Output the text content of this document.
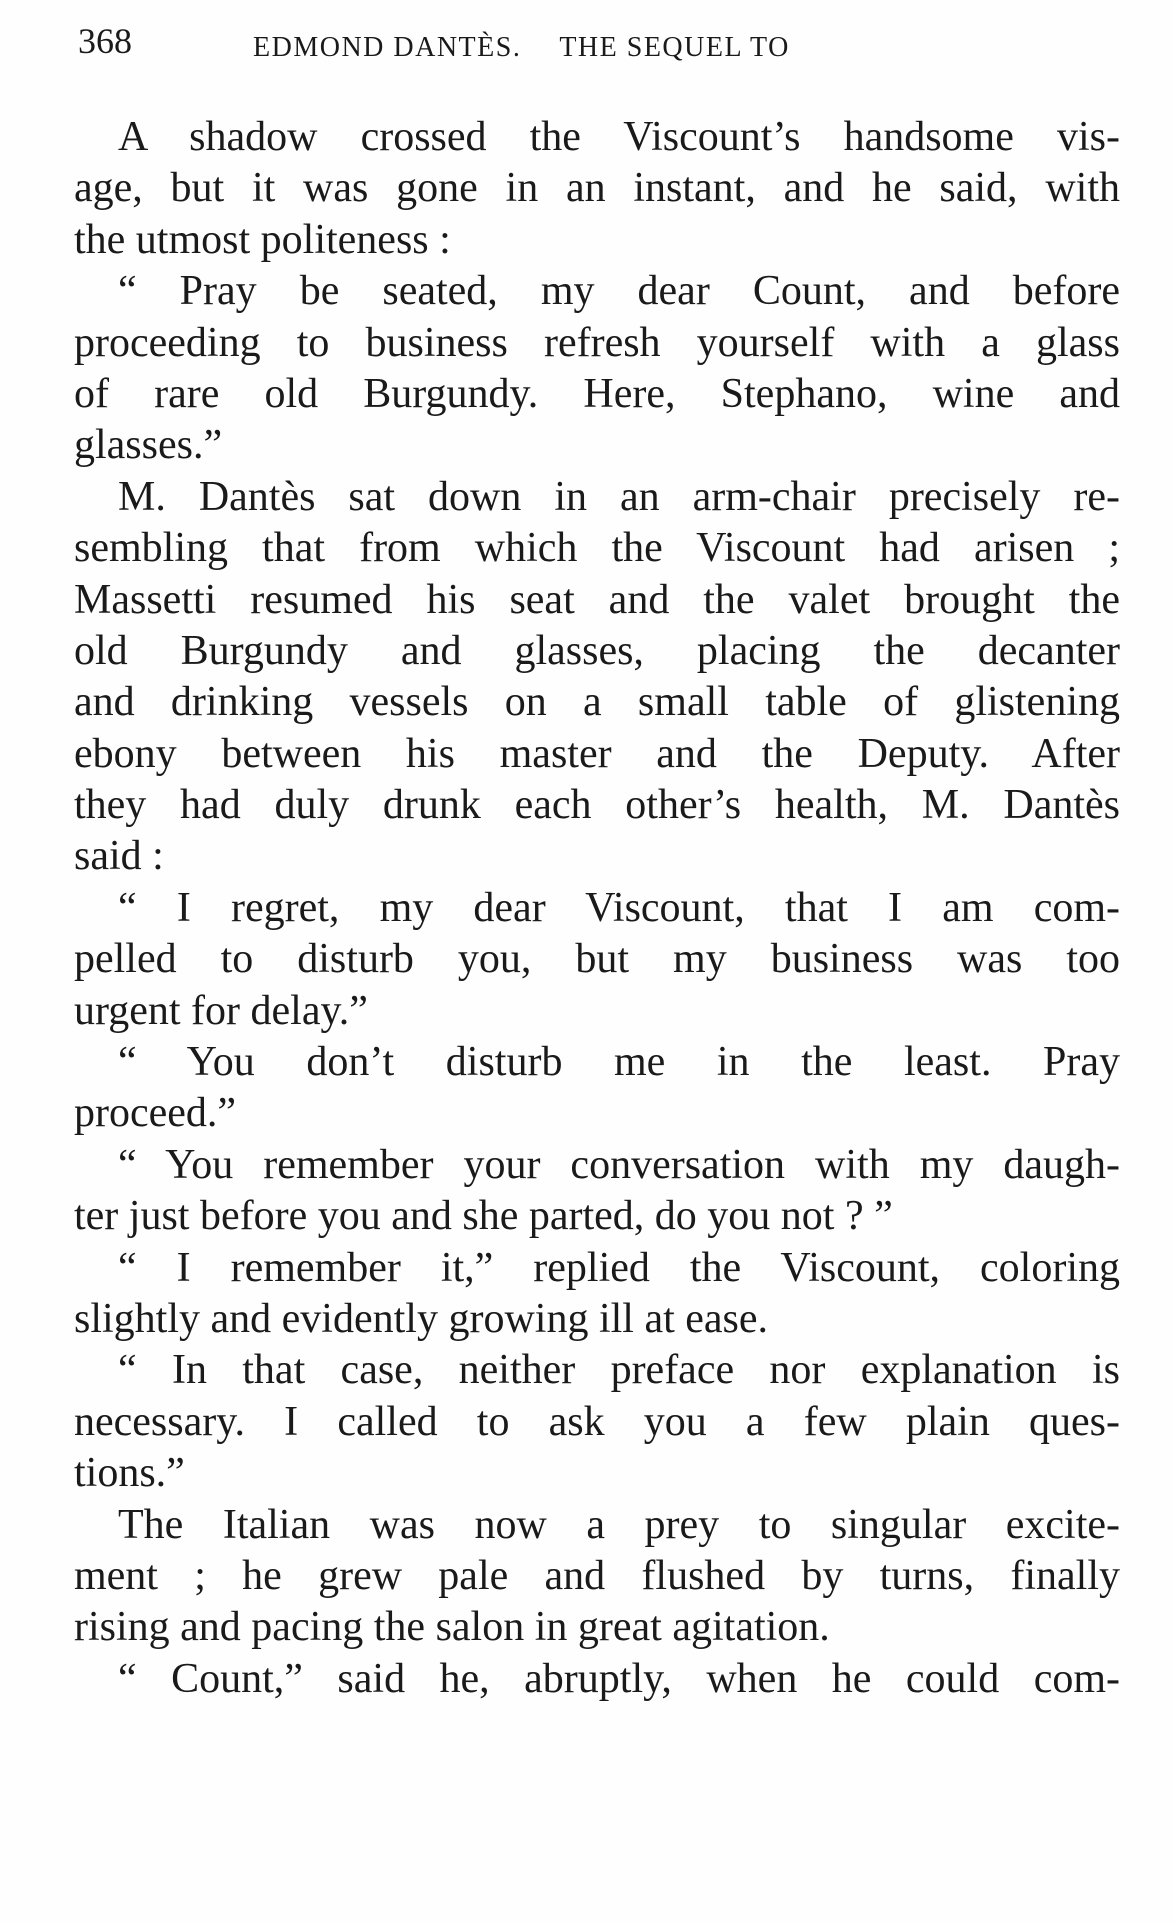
368	EDMOND DANTÈS. THE SEQUEL TO
A shadow crossed the Viscount’s handsome vis-
age, but it was gone in an instant, and he said, with
the utmost politeness :
“ Pray be seated, my dear Count, and before
proceeding to business refresh yourself with a glass
of rare old Burgundy. Here, Stephano, wine and
glasses.”
M. Dantès sat down in an arm-chair precisely re-
sembling that from which the Viscount had arisen ;
Massetti resumed his seat and the valet brought the
old Burgundy and glasses, placing the decanter
and drinking vessels on a small table of glistening
ebony between his master and the Deputy. After
they had duly drunk each other’s health, M. Dantès
said :
“ I regret, my dear Viscount, that I am com-
pelled to disturb you, but my business was too
urgent for delay.”
“ You don’t disturb me in the least. Pray
proceed.”
“ You remember your conversation with my daugh-
ter just before you and she parted, do you not ? ”
“ I remember it,” replied the Viscount, coloring
slightly and evidently growing ill at ease.
“ In that case, neither preface nor explanation is
necessary. I called to ask you a few plain ques-
tions.”
The Italian was now a prey to singular excite-
ment ; he grew pale and flushed by turns, finally
rising and pacing the salon in great agitation.
“ Count,” said he, abruptly, when he could com-
